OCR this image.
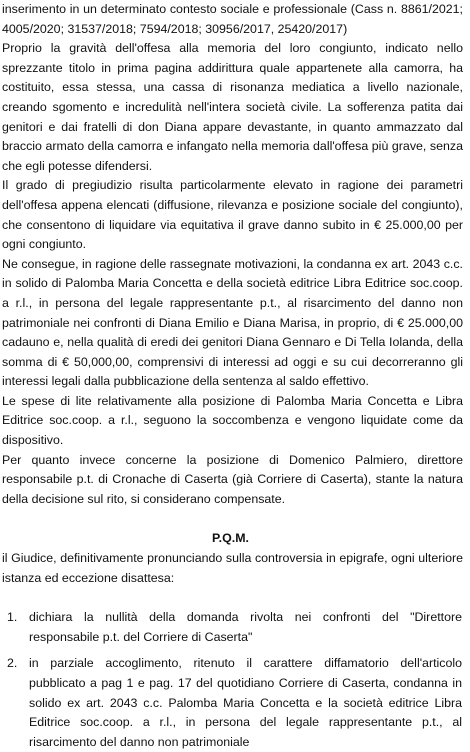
inserimento in un determinato contesto sociale e professionale (Cass n. 8861/2021; 4005/2020; 31537/2018; 7594/2018; 30956/2017, 25420/2017)

Proprio la gravità dell'offesa alla memoria del loro congiunto, indicato nello sprezzante titolo in prima pagina addirittura quale appartenete alla camorra, ha costituito, essa stessa, una cassa di risonanza mediatica a livello nazionale, creando sgomento e incredulità nell'intera società civile. La sofferenza patita dai genitori e dai fratelli di don Diana appare devastante, in quanto ammazzato dal braccio armato della camorra e infangato nella memoria dall'offesa più grave, senza che egli potesse difendersi.

Il grado di pregiudizio risulta particolarmente elevato in ragione dei parametri dell'offesa appena elencati (diffusione, rilevanza e posizione sociale del congiunto), che consentono di liquidare via equitativa il grave danno subito in € 25.000,00 per ogni congiunto.

Ne consegue, in ragione delle rassegnate motivazioni, la condanna ex art. 2043 c.c. in solido di Palomba Maria Concetta e della società editrice Libra Editrice soc.coop. a r.l., in persona del legale rappresentante p.t., al risarcimento del danno non patrimoniale nei confronti di Diana Emilio e Diana Marisa, in proprio, di € 25.000,00 cadauno e, nella qualità di eredi dei genitori Diana Gennaro e Di Tella Iolanda, della somma di € 50,000,00, comprensivi di interessi ad oggi e su cui decorreranno gli interessi legali dalla pubblicazione della sentenza al saldo effettivo.

Le spese di lite relativamente alla posizione di Palomba Maria Concetta e Libra Editrice soc.coop. a r.l., seguono la soccombenza e vengono liquidate come da dispositivo.

Per quanto invece concerne la posizione di Domenico Palmiero, direttore responsabile p.t. di Cronache di Caserta (già Corriere di Caserta), stante la natura della decisione sul rito, si considerano compensate.

P.Q.M.

il Giudice, definitivamente pronunciando sulla controversia in epigrafe, ogni ulteriore istanza ed eccezione disattesa:

1. dichiara la nullità della domanda rivolta nei confronti del "Direttore responsabile p.t. del Corriere di Caserta"
2. in parziale accoglimento, ritenuto il carattere diffamatorio dell'articolo pubblicato a pag 1 e pag. 17 del quotidiano Corriere di Caserta, condanna in solido ex art. 2043 c.c. Palomba Maria Concetta e la società editrice Libra Editrice soc.coop. a r.l., in persona del legale rappresentante p.t., al risarcimento del danno non patrimoniale
